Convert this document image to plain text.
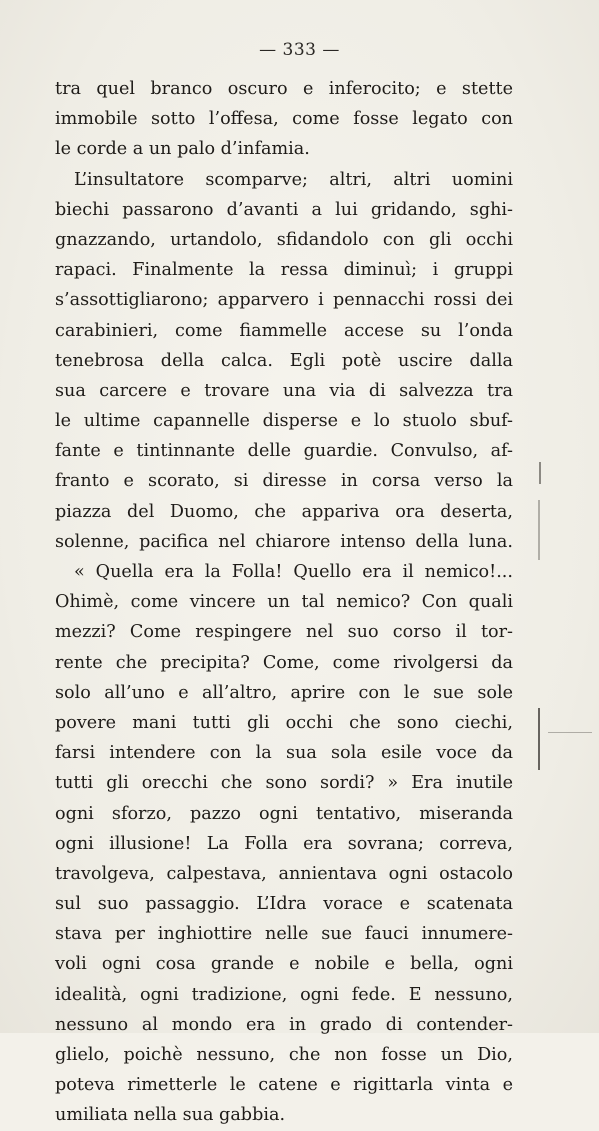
— 333 —
tra quel branco oscuro e inferocito; e stette
immobile sotto l’offesa, come fosse legato con
le corde a un palo d’infamia.
L’insultatore scomparve; altri, altri uomini
biechi passarono d’avanti a lui gridando, sghi-
gnazzando, urtandolo, sfidandolo con gli occhi
rapaci. Finalmente la ressa diminuì; i gruppi
s’assottigliarono; apparvero i pennacchi rossi dei
carabinieri, come fiammelle accese su l’onda
tenebrosa della calca. Egli potè uscire dalla
sua carcere e trovare una via di salvezza tra
le ultime capannelle disperse e lo stuolo sbuf-
fante e tintinnante delle guardie. Convulso, af-
franto e scorato, si diresse in corsa verso la
piazza del Duomo, che appariva ora deserta,
solenne, pacifica nel chiarore intenso della luna.
« Quella era la Folla! Quello era il nemico!...
Ohimè, come vincere un tal nemico? Con quali
mezzi? Come respingere nel suo corso il tor-
rente che precipita? Come, come rivolgersi da
solo all’uno e all’altro, aprire con le sue sole
povere mani tutti gli occhi che sono ciechi,
farsi intendere con la sua sola esile voce da
tutti gli orecchi che sono sordi? » Era inutile
ogni sforzo, pazzo ogni tentativo, miseranda
ogni illusione! La Folla era sovrana; correva,
travolgeva, calpestava, annientava ogni ostacolo
sul suo passaggio. L’Idra vorace e scatenata
stava per inghiottire nelle sue fauci innumere-
voli ogni cosa grande e nobile e bella, ogni
idealità, ogni tradizione, ogni fede. E nessuno,
nessuno al mondo era in grado di contender-
glielo, poichè nessuno, che non fosse un Dio,
poteva rimetterle le catene e rigittarla vinta e
umiliata nella sua gabbia.
